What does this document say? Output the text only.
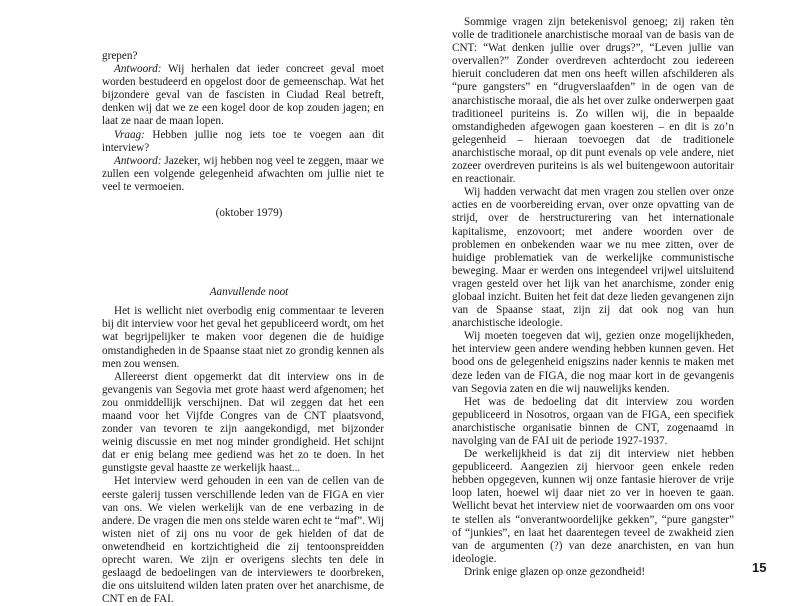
grepen?

Antwoord: Wij herhalen dat ieder concreet geval moet worden bestudeerd en opgelost door de gemeenschap. Wat het bijzondere geval van de fascisten in Ciudad Real betreft, denken wij dat we ze een kogel door de kop zouden jagen; en laat ze naar de maan lopen.

Vraag: Hebben jullie nog iets toe te voegen aan dit interview?

Antwoord: Jazeker, wij hebben nog veel te zeggen, maar we zullen een volgende gelegenheid afwachten om jullie niet te veel te vermoeien.

(oktober 1979)

Aanvullende noot

Het is wellicht niet overbodig enig commentaar te leveren bij dit interview voor het geval het gepubliceerd wordt, om het wat begrijpelijker te maken voor degenen die de huidige omstandigheden in de Spaanse staat niet zo grondig kennen als men zou wensen.

Allereerst dient opgemerkt dat dit interview ons in de gevangenis van Segovia met grote haast werd afgenomen; het zou onmiddellijk verschijnen. Dat wil zeggen dat het een maand voor het Vijfde Congres van de CNT plaatsvond, zonder van tevoren te zijn aangekondigd, met bijzonder weinig discussie en met nog minder grondigheid. Het schijnt dat er enig belang mee gediend was het zo te doen. In het gunstigste geval haastte ze werkelijk haast...

Het interview werd gehouden in een van de cellen van de eerste galerij tussen verschillende leden van de FIGA en vier van ons. We vielen werkelijk van de ene verbazing in de andere. De vragen die men ons stelde waren echt te “maf”. Wij wisten niet of zij ons nu voor de gek hielden of dat de onwetendheid en kortzichtigheid die zij tentoonspreidden oprecht waren. We zijn er overigens slechts ten dele in geslaagd de bedoelingen van de interviewers te doorbreken, die ons uitsluitend wilden laten praten over het anarchisme, de CNT en de FAI.

Sommige vragen zijn betekenisvol genoeg; zij raken tèn volle de traditionele anarchistische moraal van de basis van de CNT: “Wat denken jullie over drugs?”, “Leven jullie van overvallen?” Zonder overdreven achterdocht zou iedereen hieruit concluderen dat men ons heeft willen afschilderen als “pure gangsters” en “drugverslaafden” in de ogen van de anarchistische moraal, die als het over zulke onderwerpen gaat traditioneel puriteins is. Zo willen wij, die in bepaalde omstandigheden afgewogen gaan koesteren – en dit is zo’n gelegenheid – hieraan toevoegen dat de traditionele anarchistische moraal, op dit punt evenals op vele andere, niet zozeer overdreven puriteins is als wel buitengewoon autoritair en reactionair.

Wij hadden verwacht dat men vragen zou stellen over onze acties en de voorbereiding ervan, over onze opvatting van de strijd, over de herstructurering van het internationale kapitalisme, enzovoort; met andere woorden over de problemen en onbekenden waar we nu mee zitten, over de huidige problematiek van de werkelijke communistische beweging. Maar er werden ons integendeel vrijwel uitsluitend vragen gesteld over het lijk van het anarchisme, zonder enig globaal inzicht. Buiten het feit dat deze lieden gevangenen zijn van de Spaanse staat, zijn zij dat ook nog van hun anarchistische ideologie.

Wij moeten toegeven dat wij, gezien onze mogelijkheden, het interview geen andere wending hebben kunnen geven. Het bood ons de gelegenheid enigszins nader kennis te maken met deze leden van de FIGA, die nog maar kort in de gevangenis van Segovia zaten en die wij nauwelijks kenden.

Het was de bedoeling dat dit interview zou worden gepubliceerd in Nosotros, orgaan van de FIGA, een specifiek anarchistische organisatie binnen de CNT, zogenaamd in navolging van de FAI uit de periode 1927-1937.

De werkelijkheid is dat zij dit interview niet hebben gepubliceerd. Aangezien zij hiervoor geen enkele reden hebben opgegeven, kunnen wij onze fantasie hierover de vrije loop laten, hoewel wij daar niet zo ver in hoeven te gaan. Wellicht bevat het interview niet de voorwaarden om ons voor te stellen als “onverantwoordelijke gekken”, “pure gangster” of “junkies”, en laat het daarentegen teveel de zwakheid zien van de argumenten (?) van deze anarchisten, en van hun ideologie.

Drink enige glazen op onze gezondheid!	15
